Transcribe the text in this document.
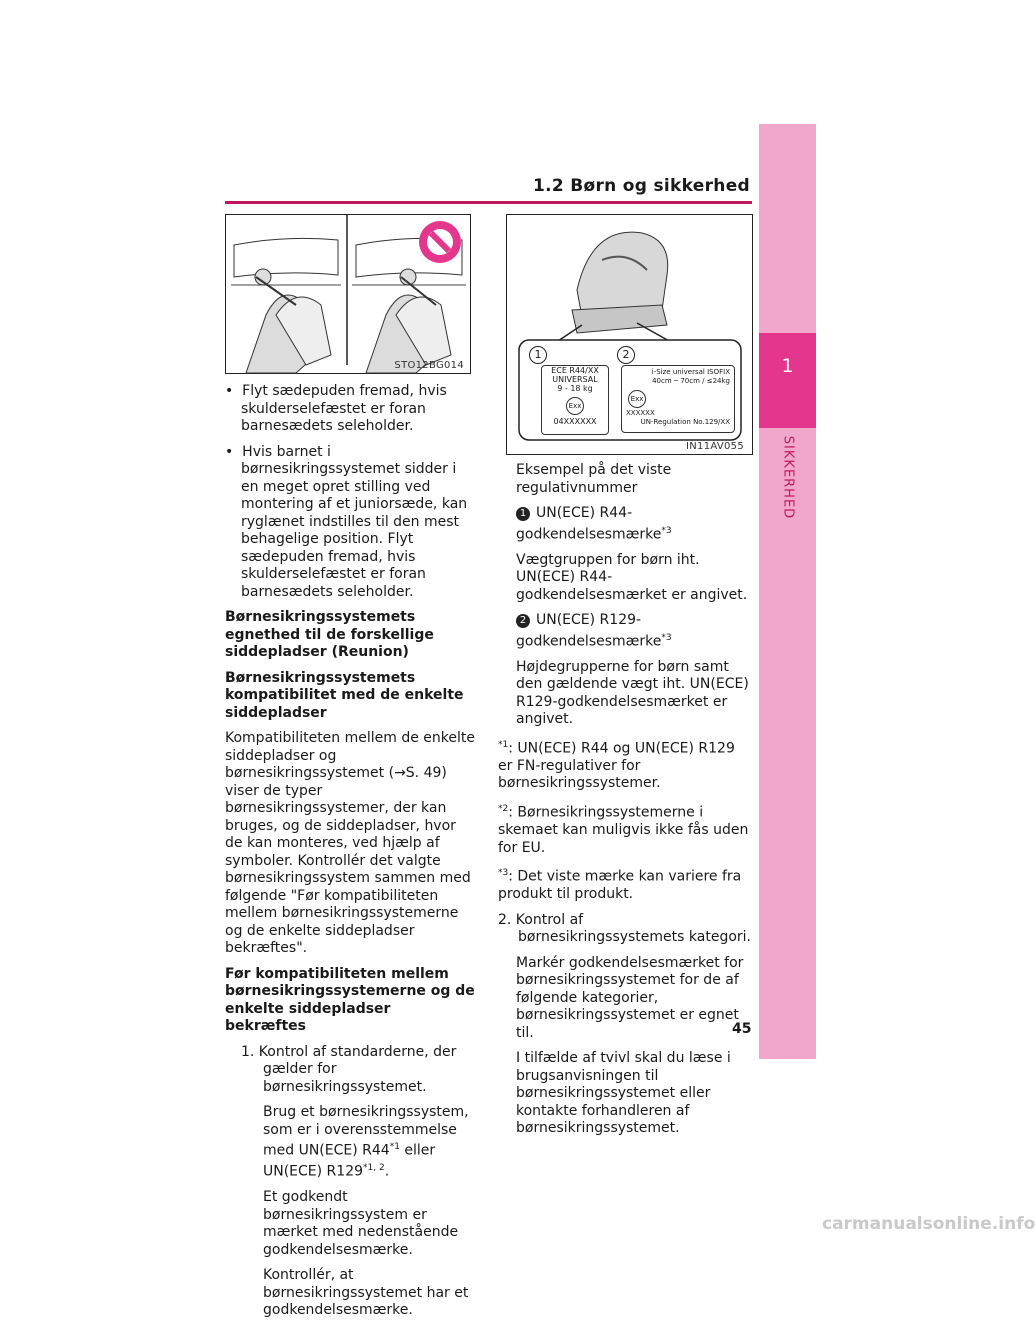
1.2 Børn og sikkerhed
1
SIKKERHED
STO12BG014
1	2
ECE R44/XX
UNIVERSAL
9 - 18 kg
Exx
04XXXXXX
i-Size universal ISOFIX
40cm ─ 70cm / ≤24kg
Exx
XXXXXX
UN-Regulation No.129/XX
IN11AV055

•  Flyt sædepuden fremad, hvis skulderselefæstet er foran barnesædets seleholder.

•  Hvis barnet i børnesikringssystemet sidder i en meget opret stilling ved montering af et juniorsæde, kan ryglænet indstilles til den mest behagelige position. Flyt sædepuden fremad, hvis skulderselefæstet er foran barnesædets seleholder.

Børnesikringssystemets egnethed til de forskellige siddepladser (Reunion)

Børnesikringssystemets kompatibilitet med de enkelte siddepladser

Kompatibiliteten mellem de enkelte siddepladser og børnesikringssystemet (→S. 49) viser de typer børnesikringssystemer, der kan bruges, og de siddepladser, hvor de kan monteres, ved hjælp af symboler. Kontrollér det valgte børnesikringssystem sammen med følgende "Før kompatibiliteten mellem børnesikringssystemerne og de enkelte siddepladser bekræftes".

Før kompatibiliteten mellem børnesikringssystemerne og de enkelte siddepladser bekræftes

1. Kontrol af standarderne, der gælder for børnesikringssystemet.

Brug et børnesikringssystem, som er i overensstemmelse med UN(ECE) R44$^{*1}$ eller UN(ECE) R129$^{*1, 2}$.

Et godkendt børnesikringssystem er mærket med nedenstående godkendelsesmærke.

Kontrollér, at børnesikringssystemet har et godkendelsesmærke.

Eksempel på det viste regulativnummer

1 UN(ECE) R44-godkendelsesmærke$^{*3}$

Vægtgruppen for børn iht. UN(ECE) R44-godkendelsesmærket er angivet.

2 UN(ECE) R129-godkendelsesmærke$^{*3}$

Højdegrupperne for børn samt den gældende vægt iht. UN(ECE) R129-godkendelsesmærket er angivet.

$^{*1}$: UN(ECE) R44 og UN(ECE) R129 er FN-regulativer for børnesikringssystemer.

$^{*2}$: Børnesikringssystemerne i skemaet kan muligvis ikke fås uden for EU.

$^{*3}$: Det viste mærke kan variere fra produkt til produkt.

2. Kontrol af børnesikringssystemets kategori.

Markér godkendelsesmærket for børnesikringssystemet for de af følgende kategorier, børnesikringssystemet er egnet til.

I tilfælde af tvivl skal du læse i brugsanvisningen til børnesikringssystemet eller kontakte forhandleren af børnesikringssystemet.

45
carmanualsonline.info
